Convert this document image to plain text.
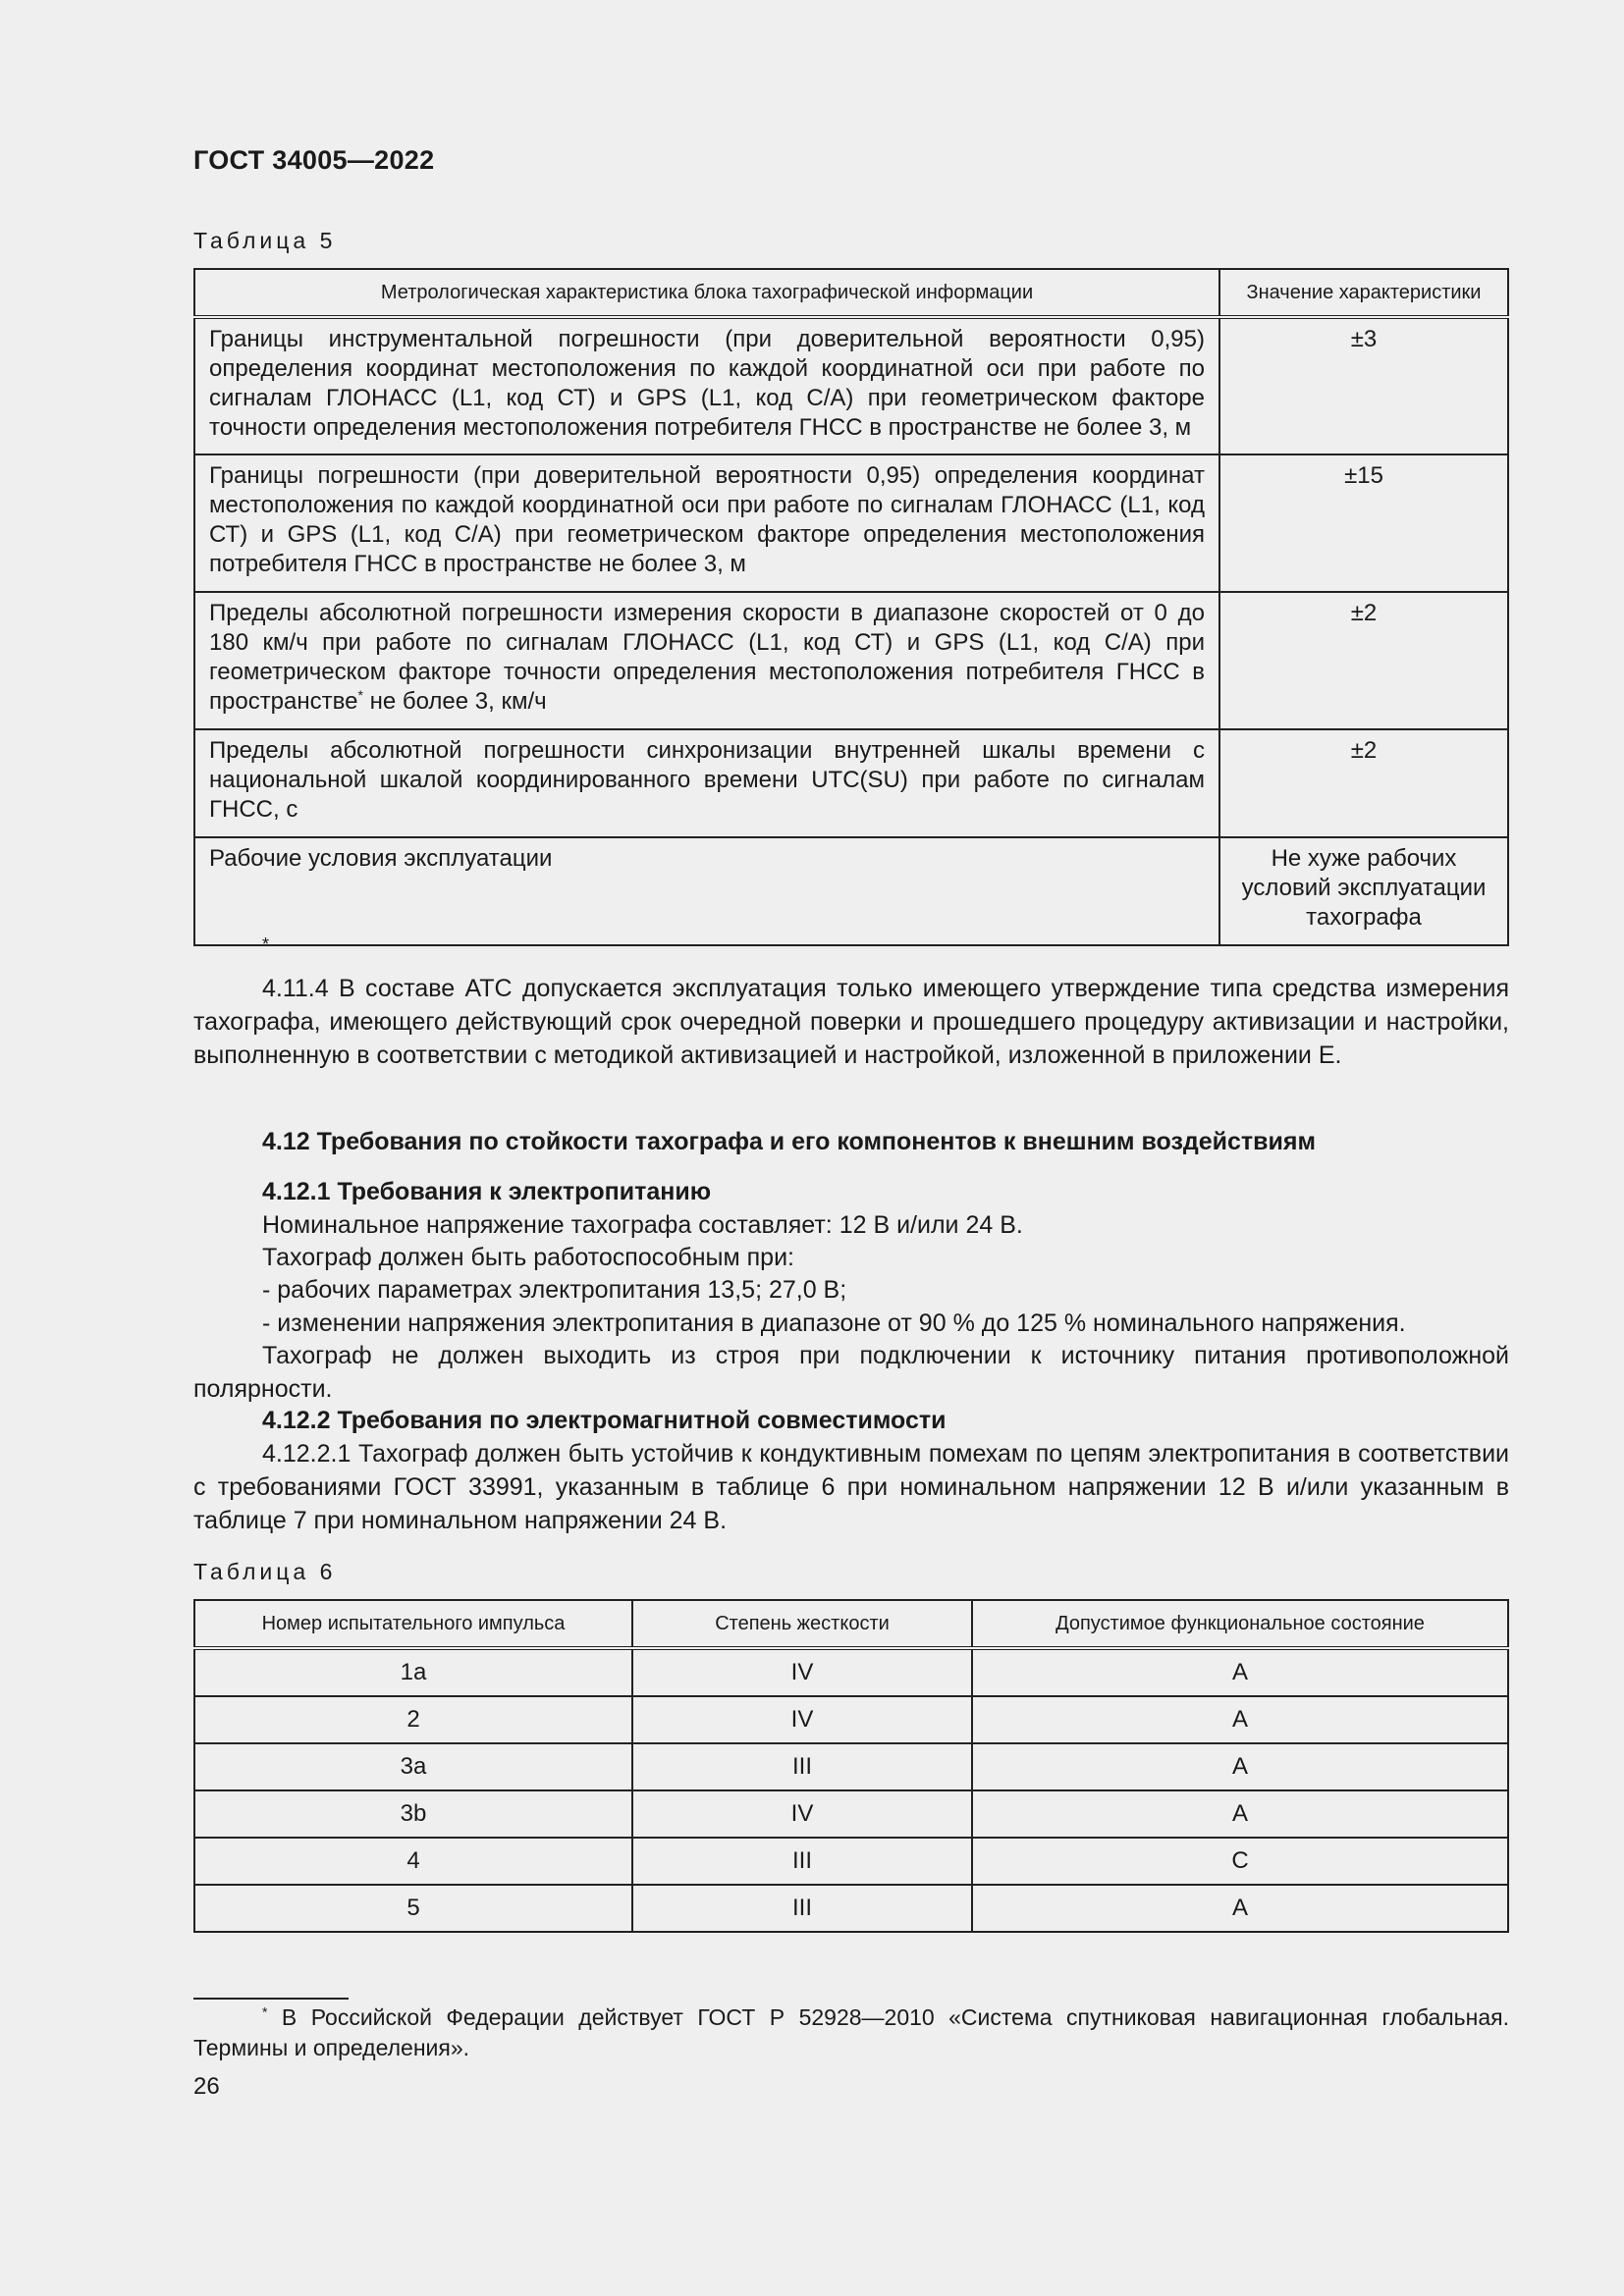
ГОСТ 34005—2022
Таблица 5
Метрологическая характеристика блока тахографической информации	Значение характеристики
Границы инструментальной погрешности (при доверительной вероятности 0,95) определения координат местоположения по каждой координатной оси при работе по сигналам ГЛОНАСС (L1, код СТ) и GPS (L1, код C/A) при геометрическом факторе точности определения местоположения потребителя ГНСС в пространстве не более 3, м	±3
Границы погрешности (при доверительной вероятности 0,95) определения координат местоположения по каждой координатной оси при работе по сигналам ГЛОНАСС (L1, код СТ) и GPS (L1, код C/A) при геометрическом факторе определения местоположения потребителя ГНСС в пространстве не более 3, м	±15
Пределы абсолютной погрешности измерения скорости в диапазоне скоростей от 0 до 180 км/ч при работе по сигналам ГЛОНАСС (L1, код СТ) и GPS (L1, код C/A) при геометрическом факторе точности определения местоположения потребителя ГНСС в пространстве* не более 3, км/ч	±2
Пределы абсолютной погрешности синхронизации внутренней шкалы времени с национальной шкалой координированного времени UTC(SU) при работе по сигналам ГНСС, с	±2
Рабочие условия эксплуатации	Не хуже рабочих условий эксплуатации тахографа
*
4.11.4 В составе АТС допускается эксплуатация только имеющего утверждение типа средства измерения тахографа, имеющего действующий срок очередной поверки и прошедшего процедуру активизации и настройки, выполненную в соответствии с методикой активизацией и настройкой, изложенной в приложении Е.
4.12 Требования по стойкости тахографа и его компонентов к внешним воздействиям
4.12.1 Требования к электропитанию
Номинальное напряжение тахографа составляет: 12 В и/или 24 В.
Тахограф должен быть работоспособным при:
- рабочих параметрах электропитания 13,5; 27,0 В;
- изменении напряжения электропитания в диапазоне от 90 % до 125 % номинального напряжения.
Тахограф не должен выходить из строя при подключении к источнику питания противоположной полярности.
4.12.2 Требования по электромагнитной совместимости
4.12.2.1 Тахограф должен быть устойчив к кондуктивным помехам по цепям электропитания в соответствии с требованиями ГОСТ 33991, указанным в таблице 6 при номинальном напряжении 12 В и/или указанным в таблице 7 при номинальном напряжении 24 В.
Таблица 6
Номер испытательного импульса	Степень жесткости	Допустимое функциональное состояние
1a	IV	A
2	IV	A
3a	III	A
3b	IV	A
4	III	C
5	III	A
* В Российской Федерации действует ГОСТ Р 52928—2010 «Система спутниковая навигационная глобальная. Термины и определения».
26
